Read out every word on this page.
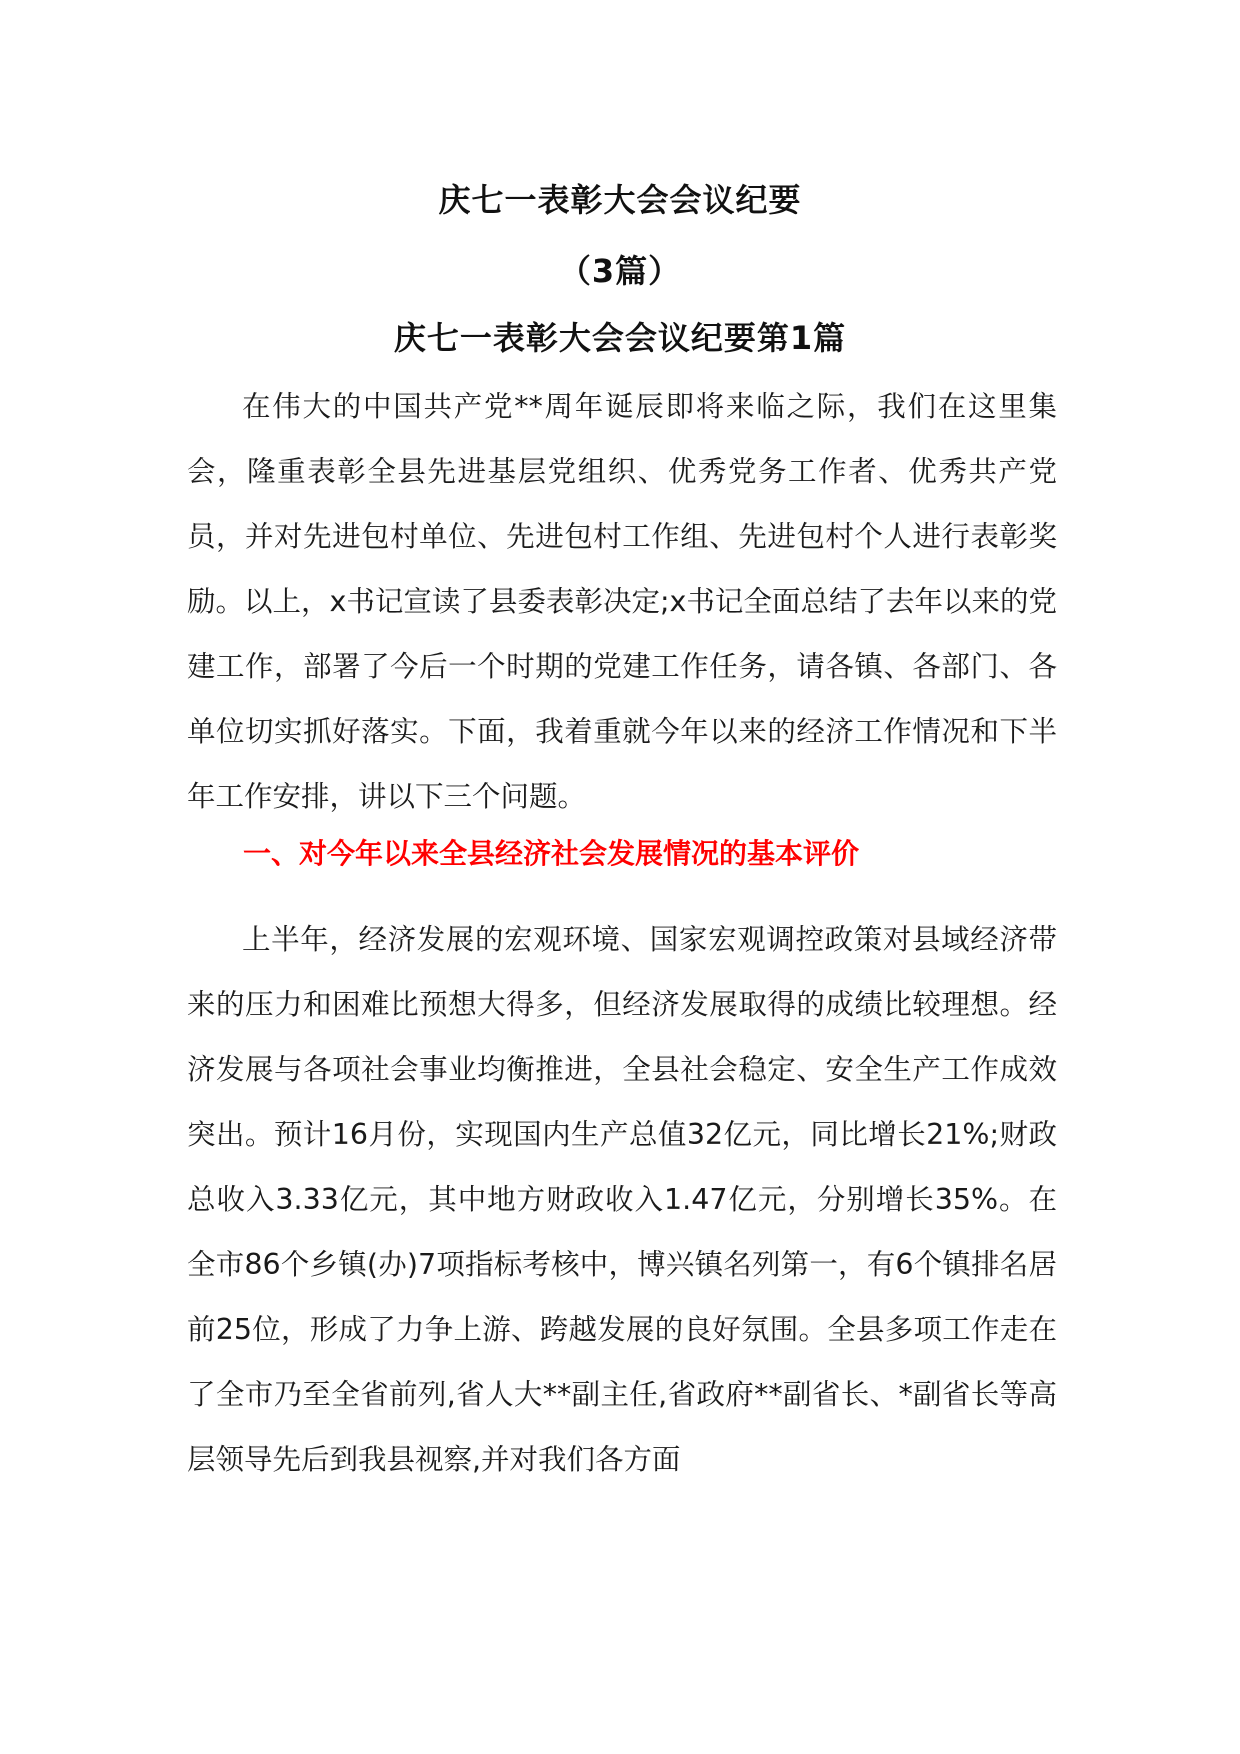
庆七一表彰大会会议纪要
（3篇）
庆七一表彰大会会议纪要第1篇

在伟大的中国共产党**周年诞辰即将来临之际，我们在这里集会，隆重表彰全县先进基层党组织、优秀党务工作者、优秀共产党员，并对先进包村单位、先进包村工作组、先进包村个人进行表彰奖励。以上，x书记宣读了县委表彰决定;x书记全面总结了去年以来的党建工作，部署了今后一个时期的党建工作任务，请各镇、各部门、各单位切实抓好落实。下面，我着重就今年以来的经济工作情况和下半年工作安排，讲以下三个问题。

一、对今年以来全县经济社会发展情况的基本评价

上半年，经济发展的宏观环境、国家宏观调控政策对县域经济带来的压力和困难比预想大得多，但经济发展取得的成绩比较理想。经济发展与各项社会事业均衡推进，全县社会稳定、安全生产工作成效突出。预计16月份，实现国内生产总值32亿元，同比增长21%;财政总收入3.33亿元，其中地方财政收入1.47亿元，分别增长35%。在全市86个乡镇(办)7项指标考核中，博兴镇名列第一，有6个镇排名居前25位，形成了力争上游、跨越发展的良好氛围。全县多项工作走在了全市乃至全省前列,省人大**副主任,省政府**副省长、*副省长等高层领导先后到我县视察,并对我们各方面
